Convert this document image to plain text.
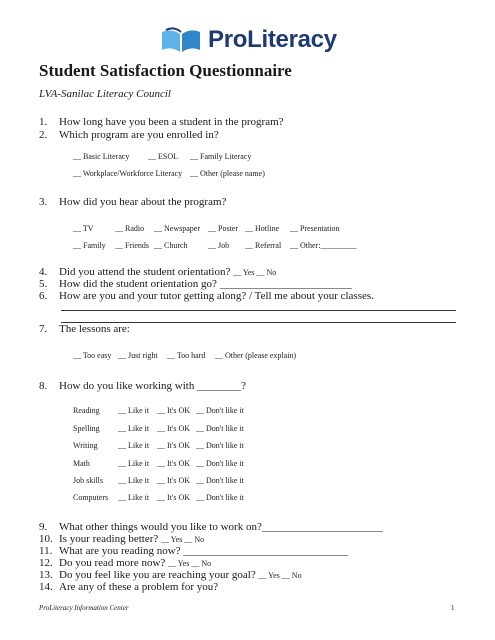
ProLiteracy
Student Satisfaction Questionnaire
LVA-Sanilac Literacy Council
1.	How long have you been a student in the program?
2.	Which program are you enrolled in?
__ Basic Literacy __ ESOL __ Family Literacy
__ Workplace/Workforce Literacy __ Other (please name)
3.	How did you hear about the program?
__ TV	__ Radio __ Newspaper __ Poster __ Hotline __ Presentation
__ Family __ Friends __ Church	__ Job __ Referral __ Other:_________
4.	Did you attend the student orientation?
__ Yes __ No
5.	How did the student orientation go? ________________________
6.	How are you and your tutor getting along? / Tell me about your classes.
7.	The lessons are:
__ Too easy __ Just right __ Too hard __ Other (please explain)
8.	How do you like working with ________?
Reading __ Like it __ It's OK __ Don't like it
Spelling __ Like it __ It's OK __ Don't like it
Writing	__ Like it __ It's OK __ Don't like it
Math	__ Like it __ It's OK __ Don't like it
Job skills __ Like it __ It's OK __ Don't like it
Computers __ Like it __ It's OK __ Don't like it
9.	What other things would you like to work on?______________________
10. Is your reading better?
__ Yes __ No
11. What are you reading now? ______________________________
12. Do you read more now?
__ Yes __ No
13. Do you feel like you are reaching your goal?
__ Yes __ No
14. Are any of these a problem for you?
ProLiteracy Information Center	1
